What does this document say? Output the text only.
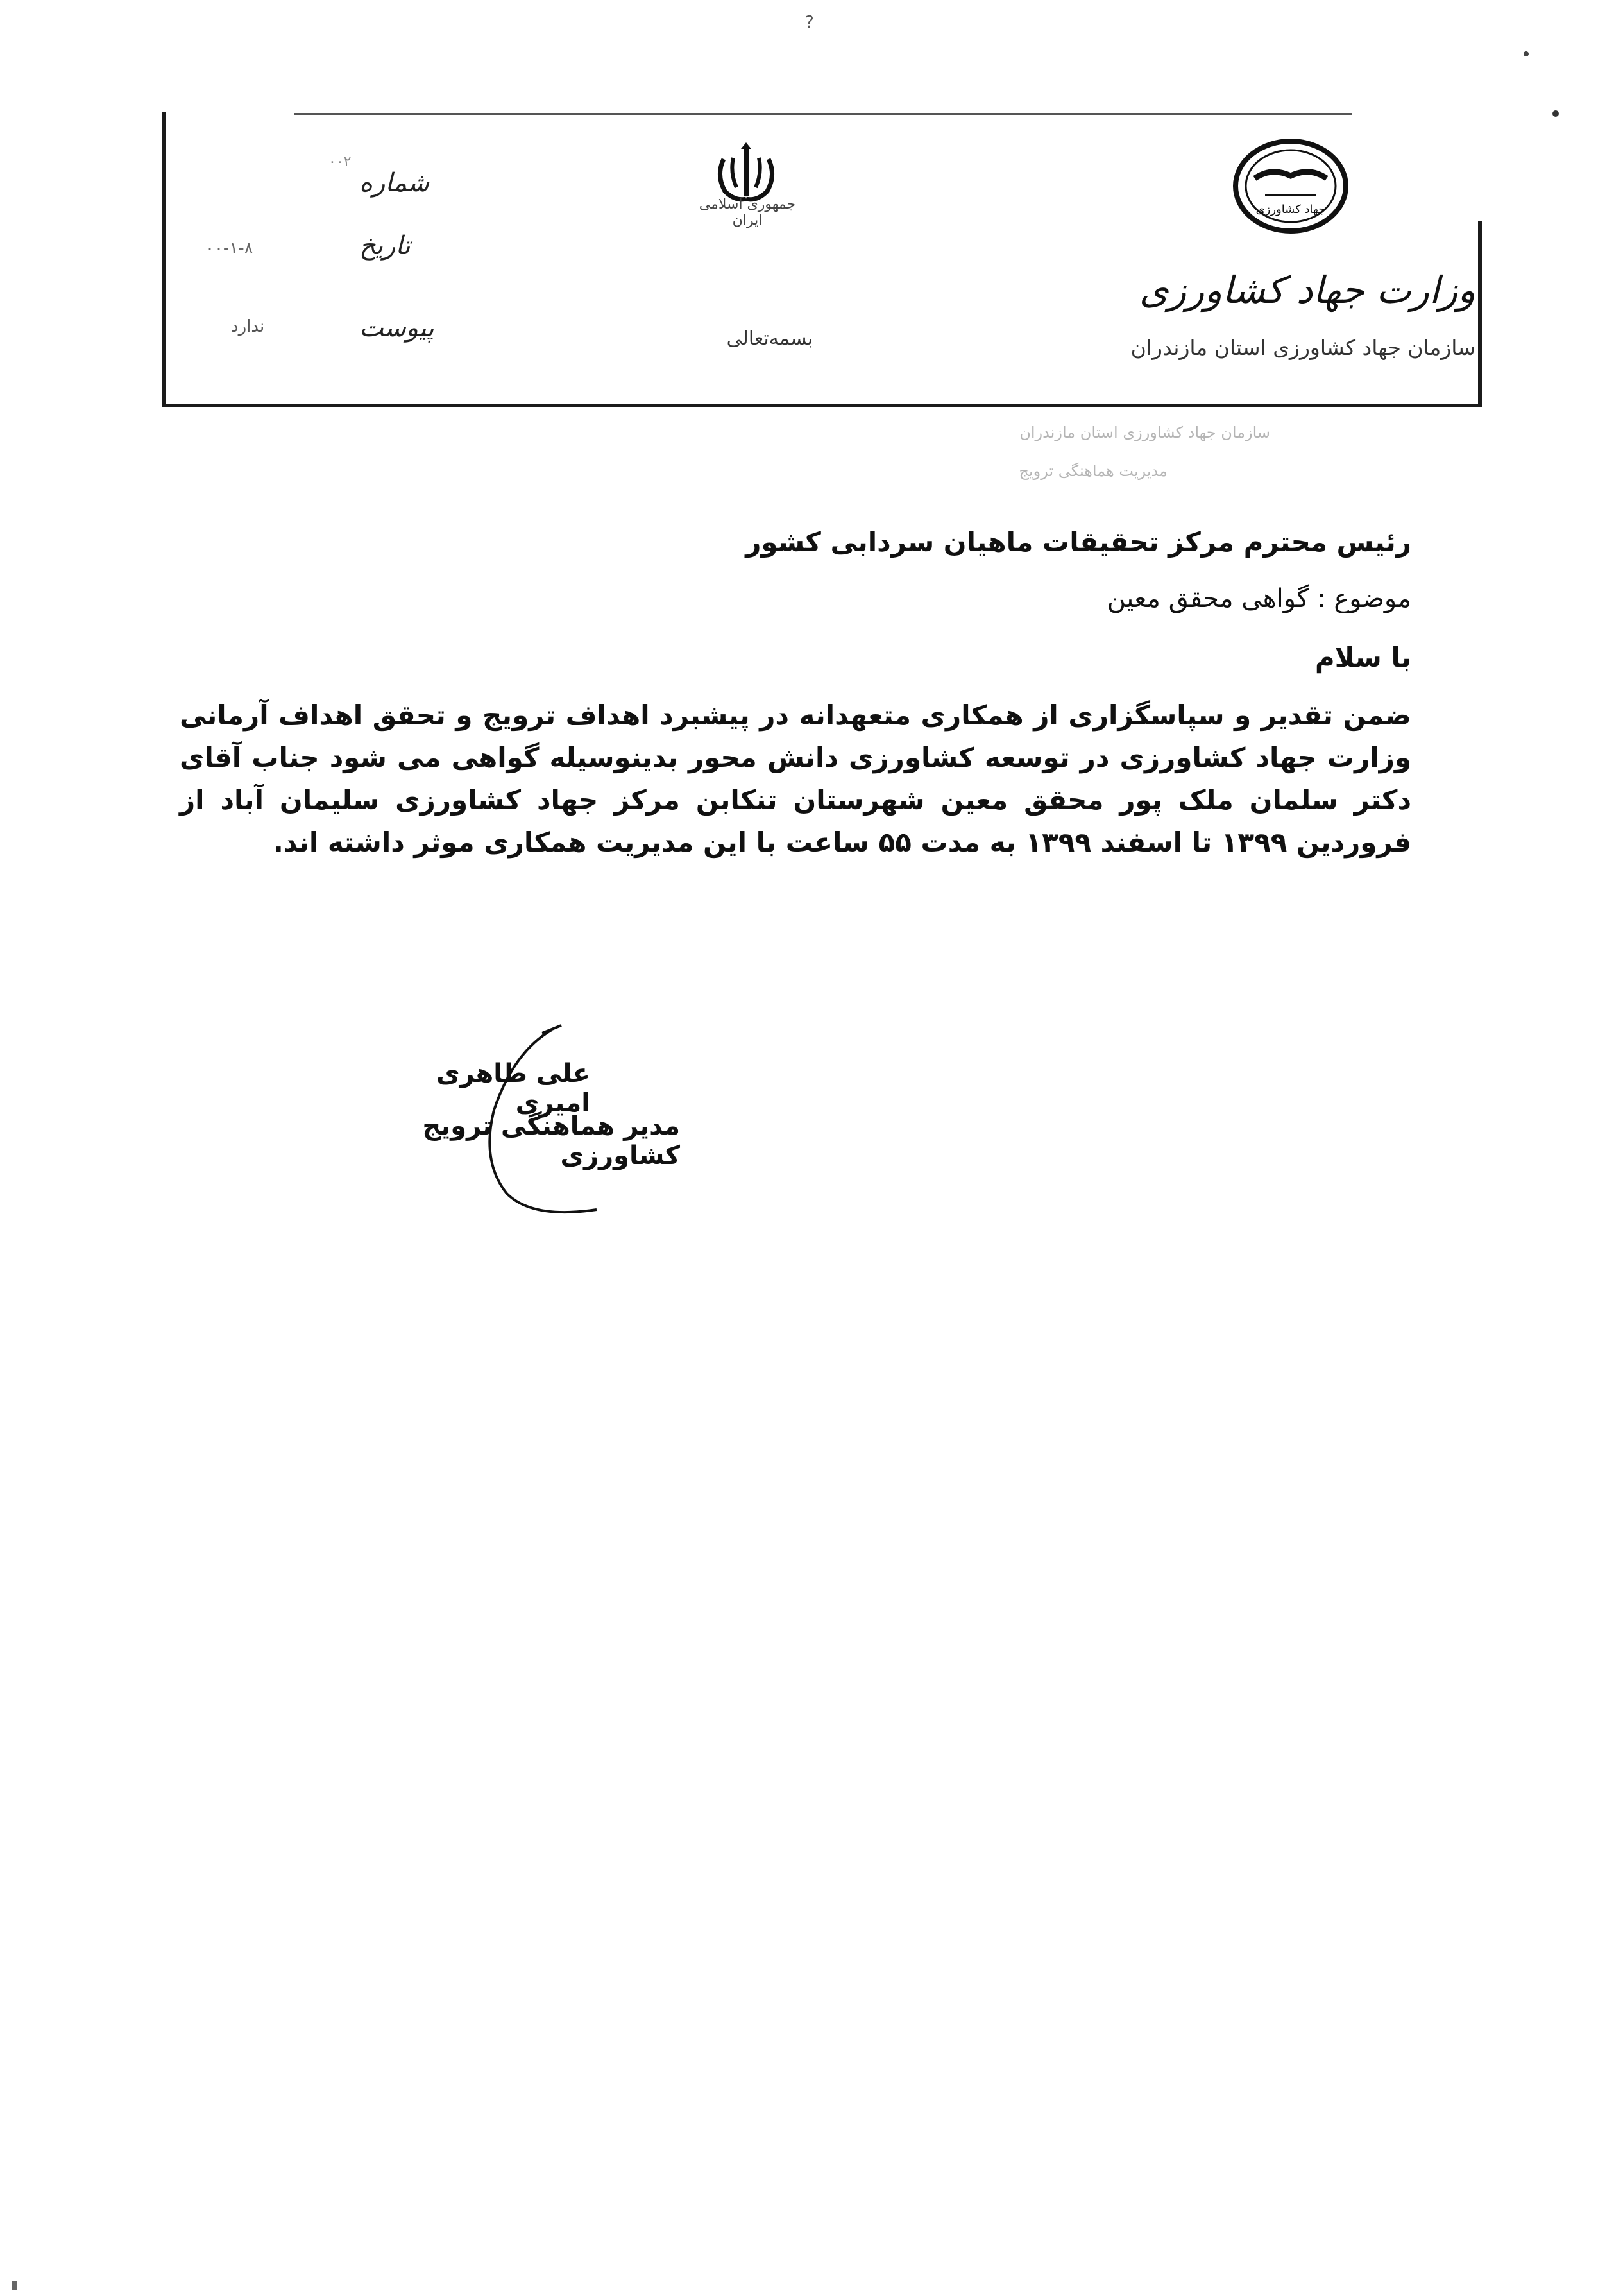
?
جمهوری اسلامی ایران
جهاد کشاورزی
شماره
تاریخ
پیوست
۰۰۲
۰۰-۱-۸
ندارد
بسمه‌تعالی
وزارت جهاد کشاورزی
سازمان جهاد کشاورزی استان مازندران
سازمان جهاد کشاورزی استان مازندران
مدیریت هماهنگی ترویج
رئیس محترم مرکز تحقیقات ماهیان سردابی کشور
موضوع : گواهی محقق معین
با سلام
ضمن تقدیر و سپاسگزاری از همکاری متعهدانه در پیشبرد اهداف ترویج و تحقق اهداف آرمانی وزارت جهاد کشاورزی در توسعه کشاورزی دانش محور بدینوسیله گواهی می شود جناب آقای دکتر سلمان ملک پور محقق معین شهرستان تنکابن مرکز جهاد کشاورزی سلیمان آباد از فروردین ۱۳۹۹ تا اسفند ۱۳۹۹ به مدت ۵۵ ساعت با این مدیریت همکاری موثر داشته اند.
علی طاهری امیری
مدیر هماهنگی ترویج کشاورزی
